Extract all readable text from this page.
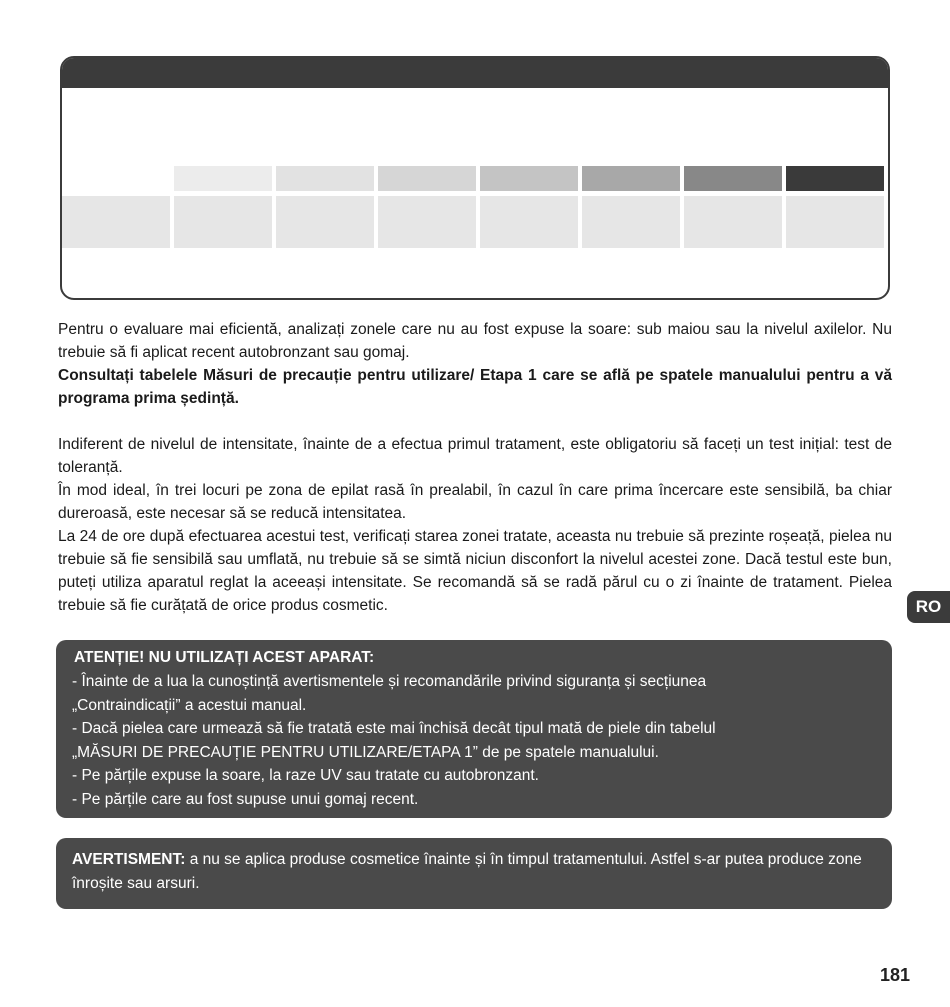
Pentru o evaluare mai eficientă, analizați zonele care nu au fost expuse la soare: sub maiou sau la nivelul axilelor. Nu trebuie să fi aplicat recent autobronzant sau gomaj.

Consultați tabelele Măsuri de precauție pentru utilizare/ Etapa 1 care se află pe spatele manualului pentru a vă programa prima ședință.

Indiferent de nivelul de intensitate, înainte de a efectua primul tratament, este obligatoriu să faceți un test inițial: test de toleranță.

În mod ideal, în trei locuri pe zona de epilat rasă în prealabil, în cazul în care prima încercare este sensibilă, ba chiar dureroasă, este necesar să se reducă intensitatea.

La 24 de ore după efectuarea acestui test, verificați starea zonei tratate, aceasta nu trebuie să prezinte roșeață, pielea nu trebuie să fie sensibilă sau umflată, nu trebuie să se simtă niciun disconfort la nivelul acestei zone. Dacă testul este bun, puteți utiliza aparatul reglat la aceeași intensitate. Se recomandă să se radă părul cu o zi înainte de tratament. Pielea trebuie să fie curățată de orice produs cosmetic.	RO

ATENȚIE! NU UTILIZAȚI ACEST APARAT:

- Înainte de a lua la cunoștință avertismentele și recomandările privind siguranța și secțiunea

„Contraindicații” a acestui manual.

- Dacă pielea care urmează să fie tratată este mai închisă decât tipul mată de piele din tabelul

„MĂSURI DE PRECAUȚIE PENTRU UTILIZARE/ETAPA 1” de pe spatele manualului.

- Pe părțile expuse la soare, la raze UV sau tratate cu autobronzant.

- Pe părțile care au fost supuse unui gomaj recent.

AVERTISMENT: a nu se aplica produse cosmetice înainte și în timpul tratamentului. Astfel s-ar putea produce zone înroșite sau arsuri.

181
